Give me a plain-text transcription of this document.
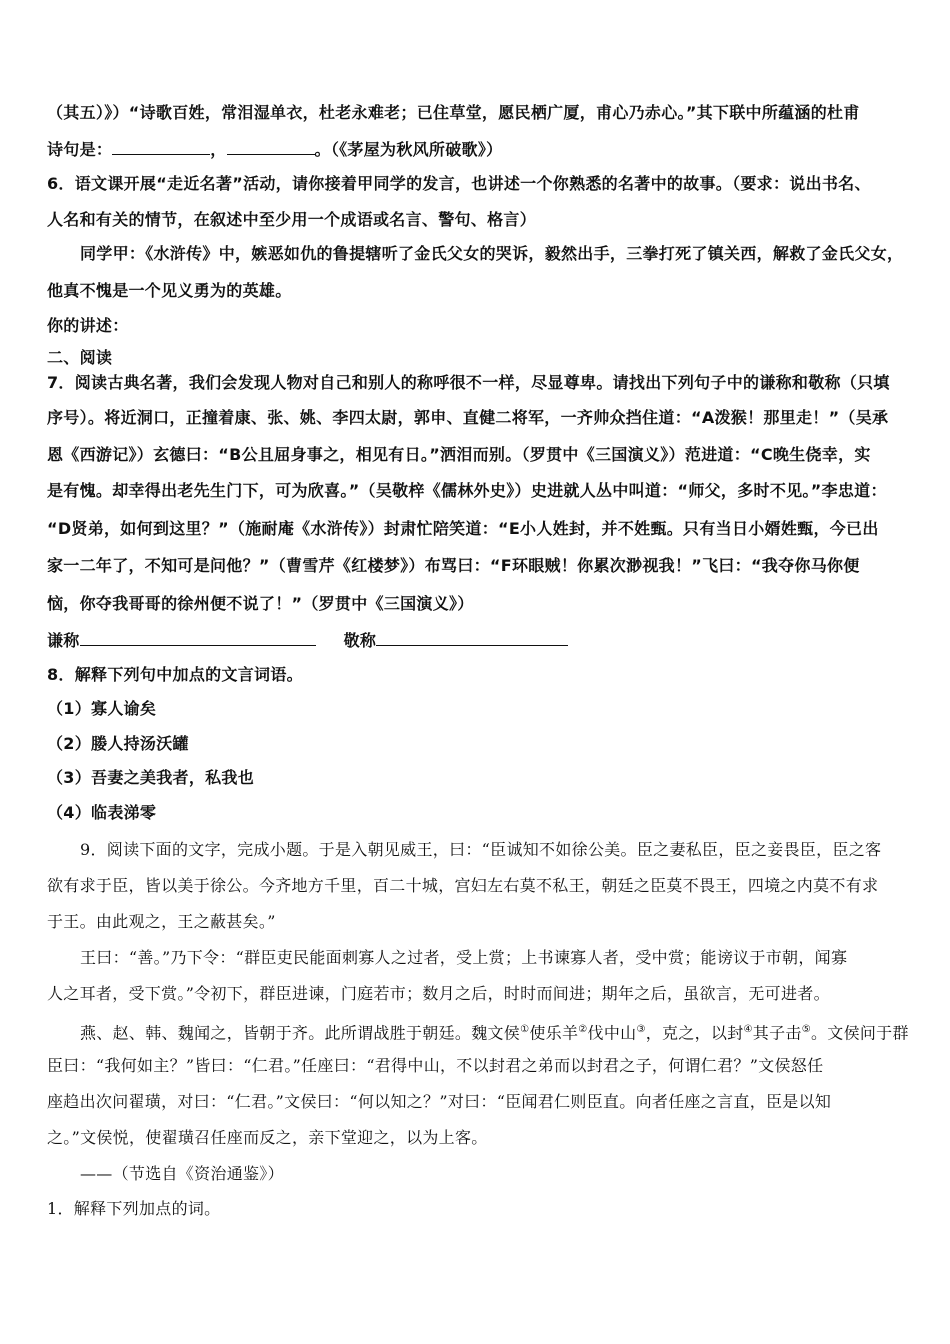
（其五）》）“诗歌百姓，常泪湿单衣，杜老永难老；已住草堂，愿民栖广厦，甫心乃赤心。”其下联中所蕴涵的杜甫
诗句是：	，	。（《茅屋为秋风所破歌》）
6．语文课开展“走近名著”活动，请你接着甲同学的发言，也讲述一个你熟悉的名著中的故事。（要求：说出书名、
人名和有关的情节，在叙述中至少用一个成语或名言、警句、格言）
同学甲：《水浒传》中，嫉恶如仇的鲁提辖听了金氏父女的哭诉，毅然出手，三拳打死了镇关西，解救了金氏父女，
他真不愧是一个见义勇为的英雄。
你的讲述：
二、阅读
7．阅读古典名著，我们会发现人物对自己和别人的称呼很不一样，尽显尊卑。请找出下列句子中的谦称和敬称（只填
序号）。将近洞口，正撞着康、张、姚、李四太尉，郭申、直健二将军，一齐帅众挡住道：“A泼猴！那里走！”（吴承
恩《西游记》）玄德曰：“B公且屈身事之，相见有日。”洒泪而别。（罗贯中《三国演义》）范进道：“C晚生侥幸，实
是有愧。却幸得出老先生门下，可为欣喜。”（吴敬梓《儒林外史》）史进就人丛中叫道：“师父，多时不见。”李忠道：
“D贤弟，如何到这里？”（施耐庵《水浒传》）封肃忙陪笑道：“E小人姓封，并不姓甄。只有当日小婿姓甄，今已出
家一二年了，不知可是问他？”（曹雪芹《红楼梦》）布骂曰：“F环眼贼！你累次渺视我！”飞曰：“我夺你马你便
恼，你夺我哥哥的徐州便不说了！”（罗贯中《三国演义》）
谦称	敬称
8．解释下列句中加点的文言词语。
（1）寡人谕矣
（2）媵人持汤沃罐
（3）吾妻之美我者，私我也
（4）临表涕零
9．阅读下面的文字，完成小题。于是入朝见威王，曰：“臣诚知不如徐公美。臣之妻私臣，臣之妾畏臣，臣之客
欲有求于臣，皆以美于徐公。今齐地方千里，百二十城，宫妇左右莫不私王，朝廷之臣莫不畏王，四境之内莫不有求
于王。由此观之，王之蔽甚矣。”
王曰：“善。”乃下令：“群臣吏民能面刺寡人之过者，受上赏；上书谏寡人者，受中赏；能谤议于市朝，闻寡
人之耳者，受下赏。”令初下，群臣进谏，门庭若市；数月之后，时时而间进；期年之后，虽欲言，无可进者。
燕、赵、韩、魏闻之，皆朝于齐。此所谓战胜于朝廷。魏文侯①使乐羊②伐中山③，克之，以封④其子击⑤。文侯问于群
臣曰：“我何如主？”皆曰：“仁君。”任座曰：“君得中山，不以封君之弟而以封君之子，何谓仁君？”文侯怒任
座趋出次问翟璜，对曰：“仁君。”文侯曰：“何以知之？”对曰：“臣闻君仁则臣直。向者任座之言直，臣是以知
之。”文侯悦，使翟璜召任座而反之，亲下堂迎之，以为上客。
——（节选自《资治通鉴》）
1．解释下列加点的词。
